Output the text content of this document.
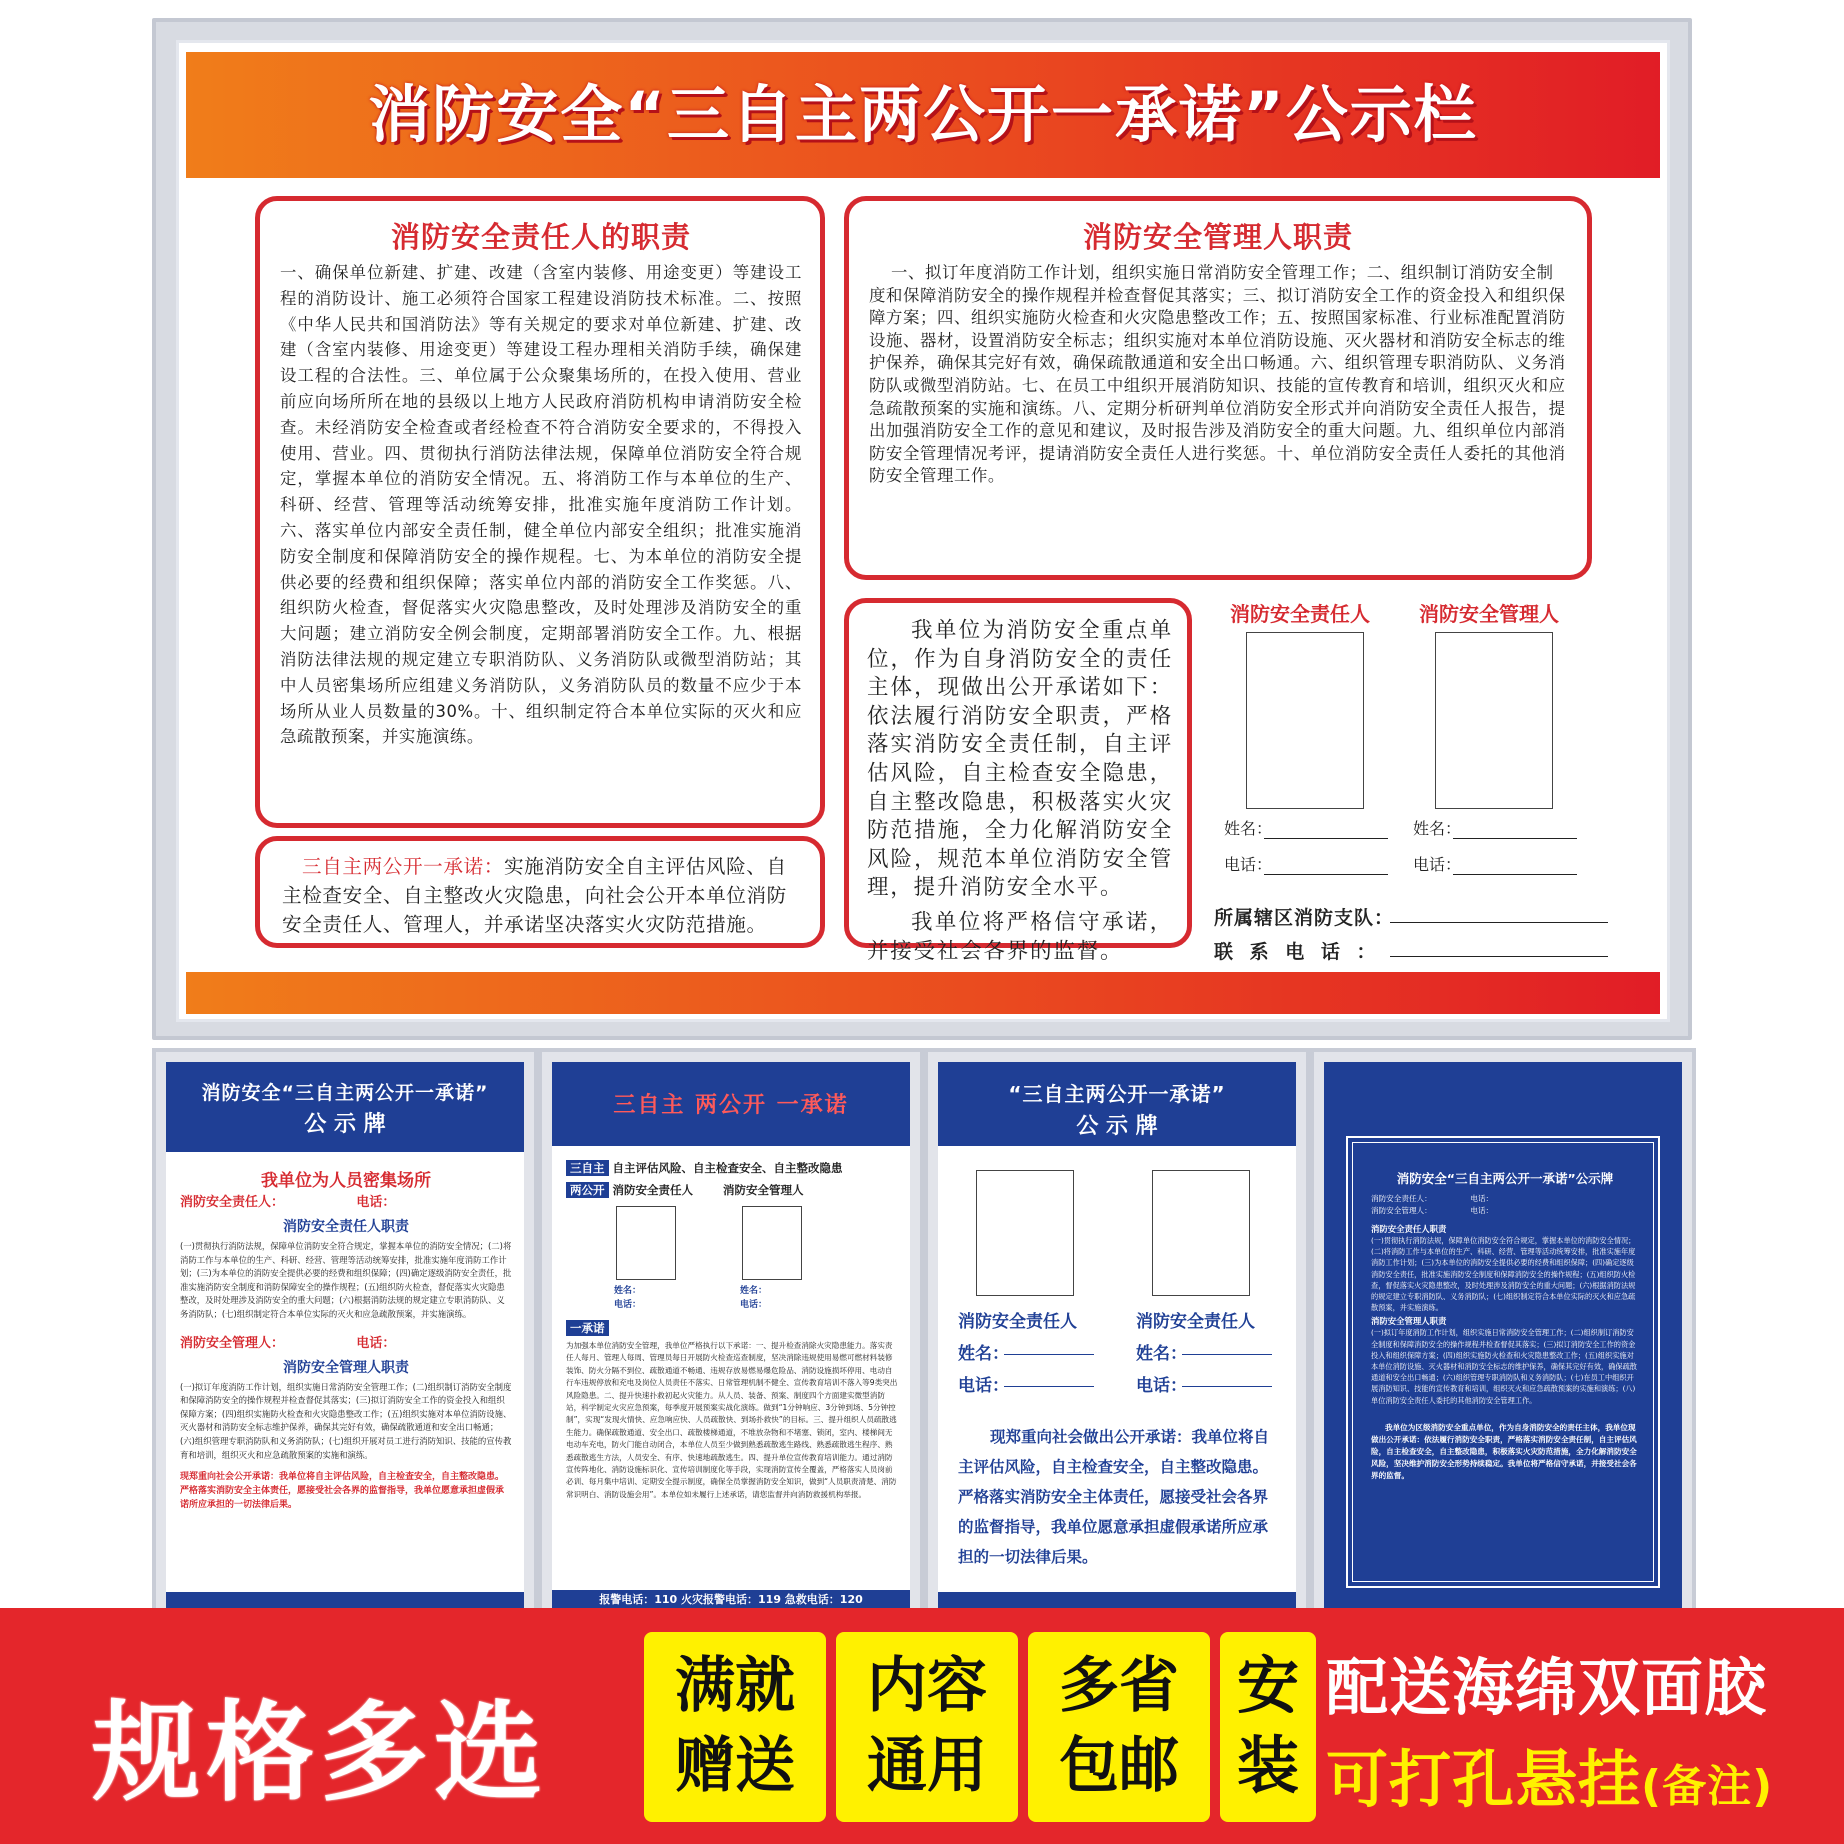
消防安全“三自主两公开一承诺”公示栏
消防安全责任人的职责

一、确保单位新建、扩建、改建（含室内装修、用途变更）等建设工程的消防设计、施工必须符合国家工程建设消防技术标准。二、按照《中华人民共和国消防法》等有关规定的要求对单位新建、扩建、改建（含室内装修、用途变更）等建设工程办理相关消防手续，确保建设工程的合法性。三、单位属于公众聚集场所的，在投入使用、营业前应向场所所在地的县级以上地方人民政府消防机构申请消防安全检查。未经消防安全检查或者经检查不符合消防安全要求的，不得投入使用、营业。四、贯彻执行消防法律法规，保障单位消防安全符合规定，掌握本单位的消防安全情况。五、将消防工作与本单位的生产、科研、经营、管理等活动统筹安排，批准实施年度消防工作计划。六、落实单位内部安全责任制，健全单位内部安全组织；批准实施消防安全制度和保障消防安全的操作规程。七、为本单位的消防安全提供必要的经费和组织保障；落实单位内部的消防安全工作奖惩。八、组织防火检查，督促落实火灾隐患整改，及时处理涉及消防安全的重大问题；建立消防安全例会制度，定期部署消防安全工作。九、根据消防法律法规的规定建立专职消防队、义务消防队或微型消防站；其中人员密集场所应组建义务消防队，义务消防队员的数量不应少于本场所从业人员数量的30%。十、组织制定符合本单位实际的灭火和应急疏散预案，并实施演练。

消防安全管理人职责

一、拟订年度消防工作计划，组织实施日常消防安全管理工作；二、组织制订消防安全制度和保障消防安全的操作规程并检查督促其落实；三、拟订消防安全工作的资金投入和组织保障方案；四、组织实施防火检查和火灾隐患整改工作；五、按照国家标准、行业标准配置消防设施、器材，设置消防安全标志；组织实施对本单位消防设施、灭火器材和消防安全标志的维护保养，确保其完好有效，确保疏散通道和安全出口畅通。六、组织管理专职消防队、义务消防队或微型消防站。七、在员工中组织开展消防知识、技能的宣传教育和培训，组织灭火和应急疏散预案的实施和演练。八、定期分析研判单位消防安全形式并向消防安全责任人报告，提出加强消防安全工作的意见和建议，及时报告涉及消防安全的重大问题。九、组织单位内部消防安全管理情况考评，提请消防安全责任人进行奖惩。十、单位消防安全责任人委托的其他消防安全管理工作。

三自主两公开一承诺：实施消防安全自主评估风险、自主检查安全、自主整改火灾隐患，向社会公开本单位消防安全责任人、管理人，并承诺坚决落实火灾防范措施。

我单位为消防安全重点单位，作为自身消防安全的责任主体，现做出公开承诺如下：依法履行消防安全职责，严格落实消防安全责任制，自主评估风险，自主检查安全隐患，自主整改隐患，积极落实火灾防范措施，全力化解消防安全风险，规范本单位消防安全管理，提升消防安全水平。

我单位将严格信守承诺，并接受社会各界的监督。

消防安全责任人 消防安全管理人
姓名：
电话：
姓名：
电话：
所属辖区消防支队：
联 系 电 话 ：
消防安全“三自主两公开一承诺”
公 示 牌
我单位为人员密集场所
消防安全责任人：                电话：
消防安全责任人职责
(一)贯彻执行消防法规，保障单位消防安全符合规定，掌握本单位的消防安全情况；(二)将消防工作与本单位的生产、科研、经营、管理等活动统筹安排，批准实施年度消防工作计划；(三)为本单位的消防安全提供必要的经费和组织保障；(四)确定逐级消防安全责任，批准实施消防安全制度和消防保障安全的操作规程；(五)组织防火检查，督促落实火灾隐患整改，及时处理涉及消防安全的重大问题；(六)根据消防法规的规定建立专职消防队、义务消防队；(七)组织制定符合本单位实际的灭火和应急疏散预案，并实施演练。
消防安全管理人：                电话：
消防安全管理人职责
(一)拟订年度消防工作计划，组织实施日常消防安全管理工作；(二)组织制订消防安全制度和保障消防安全的操作规程并检查督促其落实；(三)拟订消防安全工作的资金投入和组织保障方案；(四)组织实施防火检查和火灾隐患整改工作；(五)组织实施对本单位消防设施、灭火器材和消防安全标志维护保养，确保其完好有效，确保疏散通道和安全出口畅通；(六)组织管理专职消防队和义务消防队；(七)组织开展对员工进行消防知识、技能的宣传教育和培训，组织灭火和应急疏散预案的实施和演练。
现郑重向社会公开承诺：我单位将自主评估风险，自主检查安全，自主整改隐患。严格落实消防安全主体责任，愿接受社会各界的监督指导，我单位愿意承担虚假承诺所应承担的一切法律后果。
三自主 两公开 一承诺
三自主 自主评估风险、自主检查安全、自主整改隐患
两公开 消防安全责任人	消防安全管理人
姓名：
电话：
姓名：
电话：
一承诺
为加强本单位消防安全管理，我单位严格执行以下承诺：一、提升检查消除火灾隐患能力。落实责任人每月、管理人每周、管理员每日开展防火检查巡查制度，坚决消除违规使用易燃可燃材料装修装饰、防火分隔不到位、疏散通道不畅通、违规存放易燃易爆危险品、消防设施损坏停用、电动自行车违规停放和充电及岗位人员责任不落实、日常管理机制不健全、宣传教育培训不落入等9类突出风险隐患。二、提升快速扑救初起火灾能力。从人员、装备、预案、制度四个方面建实微型消防站，科学制定火灾应急预案，每季度开展预案实战化演练。做到“1分钟响应、3分钟到场、5分钟控制”，实现“发现火情快、应急响应快、人员疏散快、到场扑救快”的目标。三、提升组织人员疏散逃生能力。确保疏散通道、安全出口、疏散楼梯通道，不堆放杂物和不堵塞、锁闭，室内、楼梯间无电动车充电，防火门能自动闭合，本单位人员至少做到熟悉疏散逃生路线、熟悉疏散逃生程序、熟悉疏散逃生方法，人员安全、有序、快速地疏散逃生。四、提升单位宣传教育培训能力。通过消防宣传阵地化、消防设施标识化、宣传培训制度化等手段，实现消防宣传全覆盖，严格落实人员岗前必训、每月集中培训、定期安全提示制度，确保全员掌握消防安全知识，做到“人员职责清楚、消防常识明白、消防设施会用”。本单位如未履行上述承诺，请您监督并向消防救援机构举报。
报警电话：110 火灾报警电话：119 急救电话：120
“三自主两公开一承诺”
公 示 牌
消防安全责任人
姓名：
电话：
消防安全责任人
姓名：
电话：
现郑重向社会做出公开承诺：我单位将自主评估风险，自主检查安全，自主整改隐患。严格落实消防安全主体责任，愿接受社会各界的监督指导，我单位愿意承担虚假承诺所应承担的一切法律后果。
消防安全“三自主两公开一承诺”公示牌
消防安全责任人：                电话：
消防安全管理人：                电话：
消防安全责任人职责
(一)贯彻执行消防法规，保障单位消防安全符合规定，掌握本单位的消防安全情况；(二)将消防工作与本单位的生产、科研、经营、管理等活动统筹安排，批准实施年度消防工作计划；(三)为本单位的消防安全提供必要的经费和组织保障；(四)确定逐级消防安全责任，批准实施消防安全制度和保障消防安全的操作规程；(五)组织防火检查，督促落实火灾隐患整改，及时处理涉及消防安全的重大问题；(六)根据消防法规的规定建立专职消防队、义务消防队；(七)组织制定符合本单位实际的灭火和应急疏散预案，并实施演练。
消防安全管理人职责
(一)拟订年度消防工作计划，组织实施日常消防安全管理工作；(二)组织制订消防安全制度和保障消防安全的操作规程并检查督促其落实；(三)拟订消防安全工作的资金投入和组织保障方案；(四)组织实施防火检查和火灾隐患整改工作；(五)组织实施对本单位消防设施、灭火器材和消防安全标志的维护保养，确保其完好有效，确保疏散通道和安全出口畅通；(六)组织管理专职消防队和义务消防队；(七)在员工中组织开展消防知识、技能的宣传教育和培训，组织灭火和应急疏散预案的实施和演练；(八)单位消防安全责任人委托的其他消防安全管理工作。
我单位为区级消防安全重点单位，作为自身消防安全的责任主体，我单位现做出公开承诺：依法履行消防安全职责，严格落实消防安全责任制，自主评估风险，自主检查安全，自主整改隐患，积极落实火灾防范措施，全力化解消防安全风险，坚决维护消防安全形势持续稳定。我单位将严格信守承诺，并接受社会各界的监督。
规格多选
满就
赠送
内容
通用
多省
包邮
安
装
配送海绵双面胶
可打孔悬挂(备注)
